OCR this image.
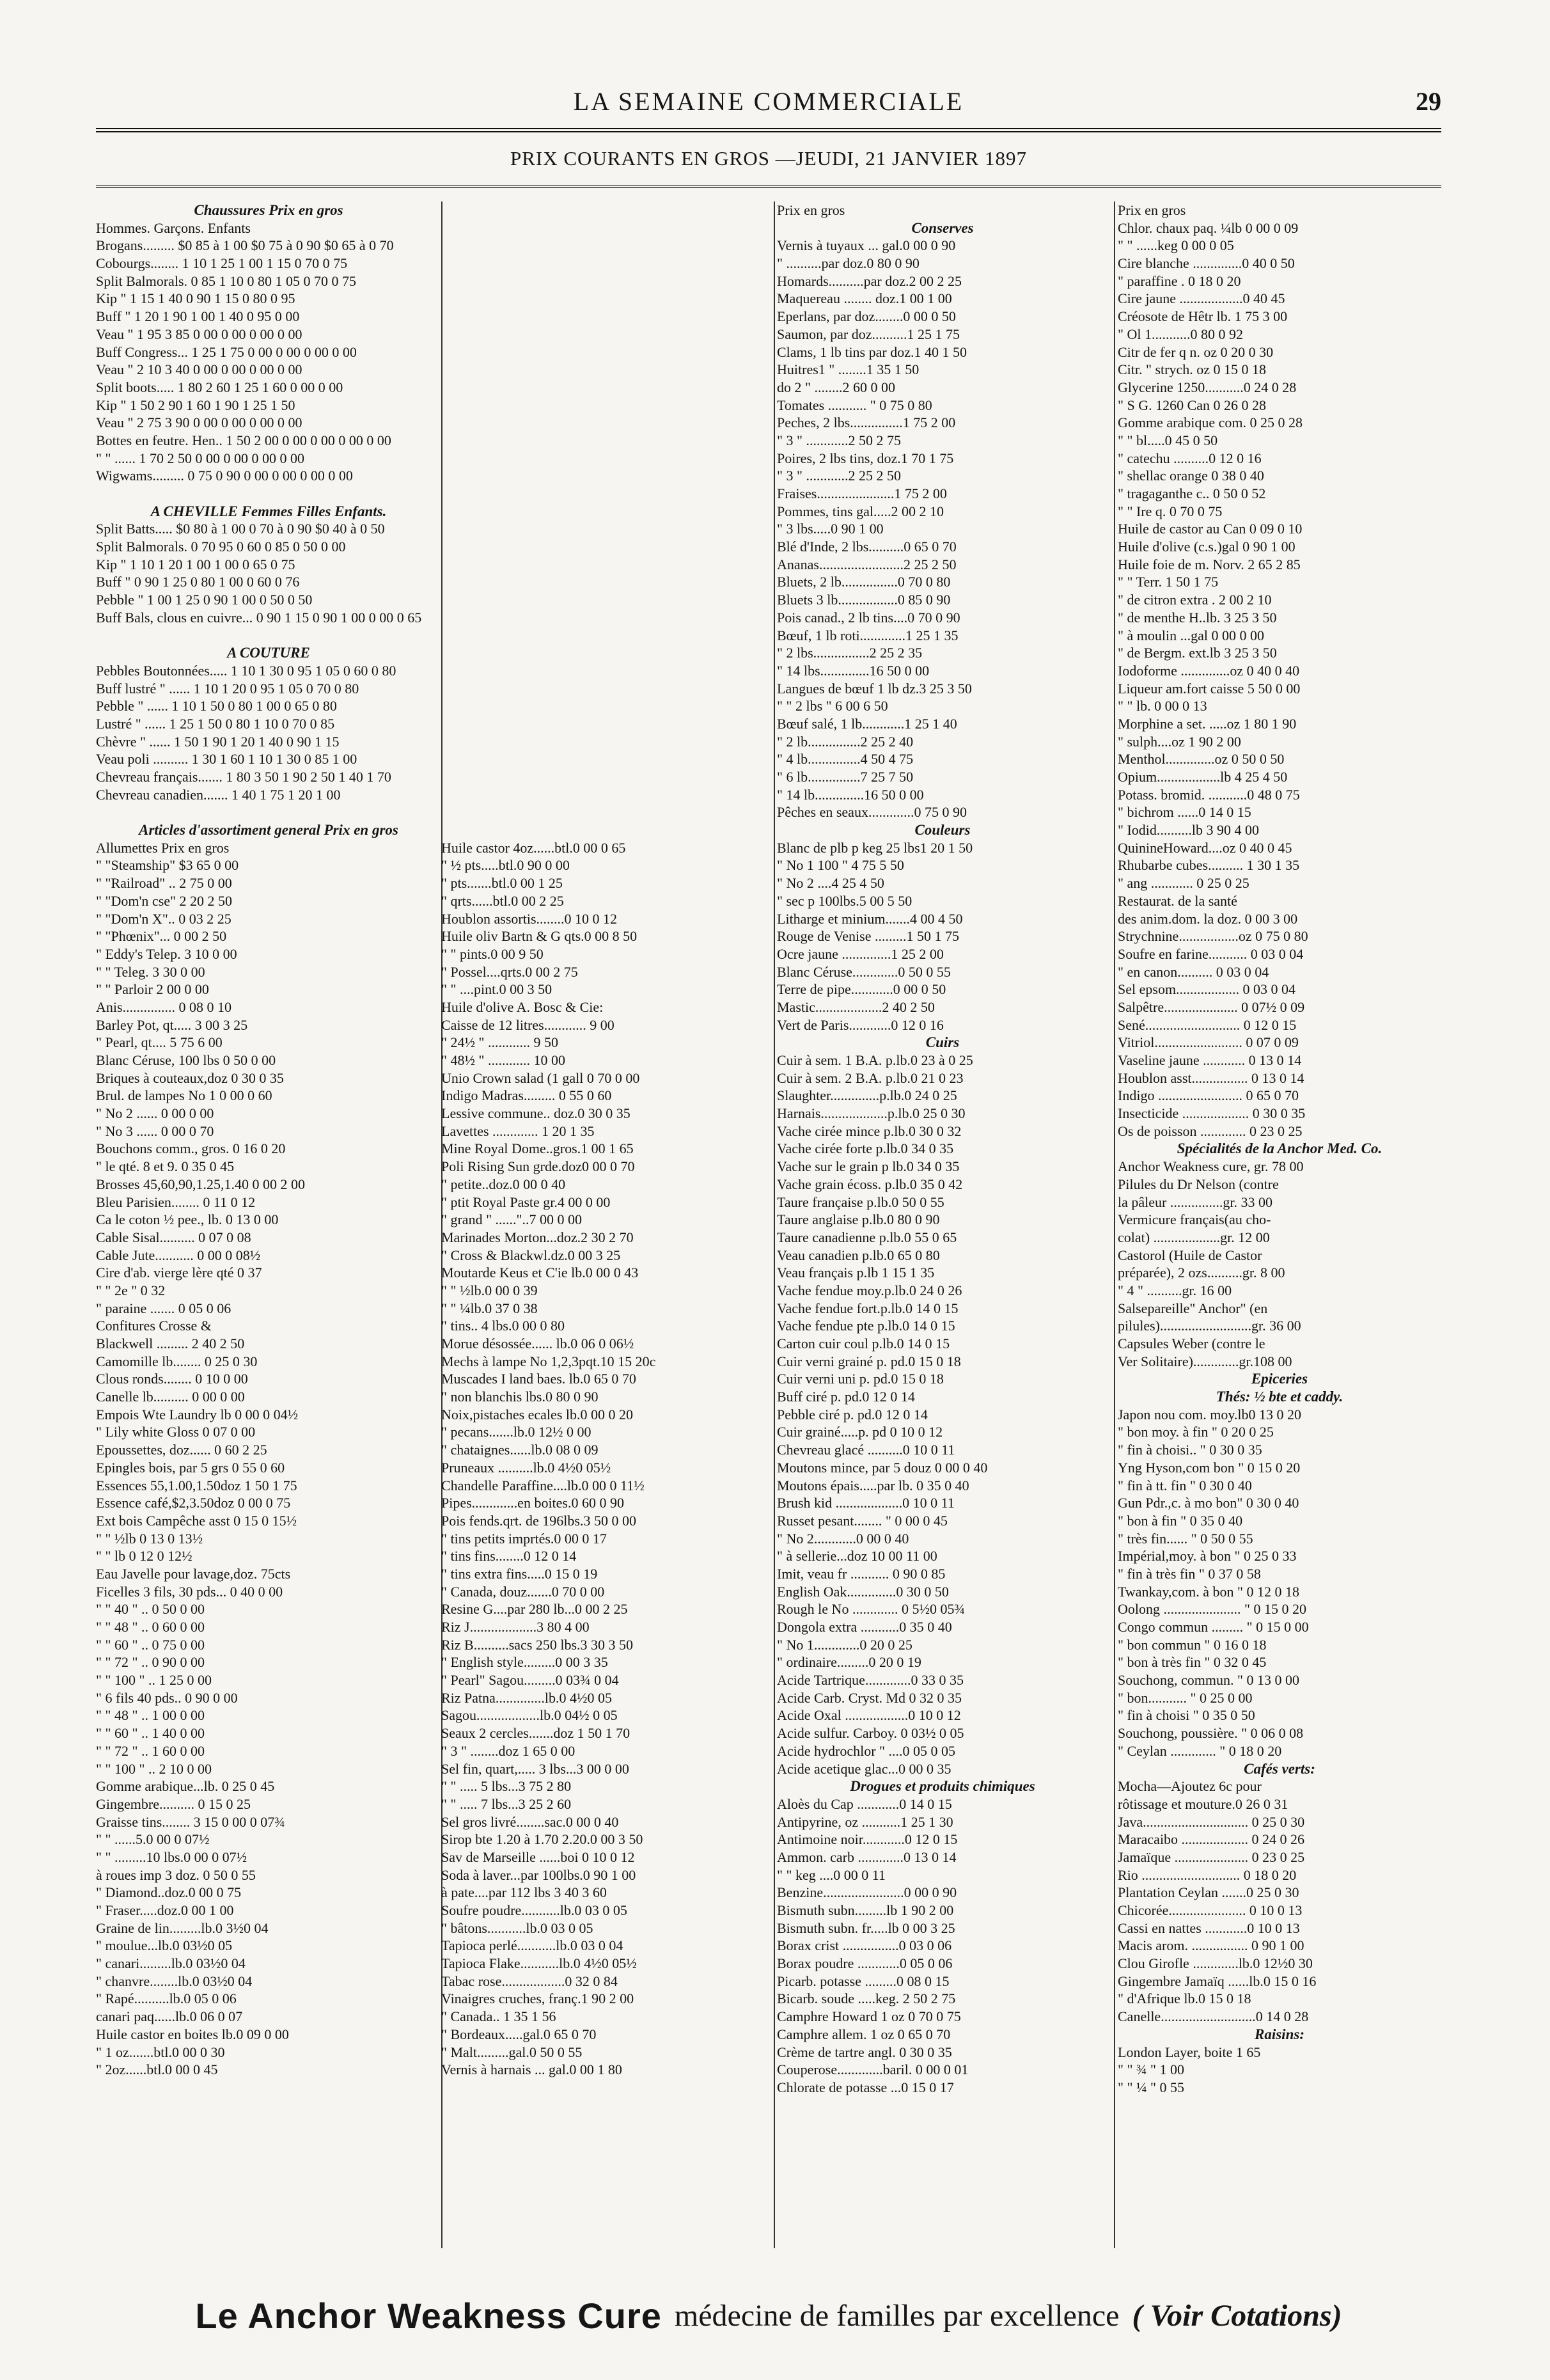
LA SEMAINE COMMERCIALE	29
PRIX COURANTS EN GROS —JEUDI, 21 JANVIER 1897
Chaussures Prix en gros
Hommes. Garçons. Enfants
Brogans......... $0 85 à 1 00 $0 75 à 0 90 $0 65 à 0 70
Cobourgs........ 1 10 1 25 1 00 1 15 0 70 0 75
Split Balmorals. 0 85 1 10 0 80 1 05 0 70 0 75
Kip " 1 15 1 40 0 90 1 15 0 80 0 95
Buff " 1 20 1 90 1 00 1 40 0 95 0 00
Veau " 1 95 3 85 0 00 0 00 0 00 0 00
Buff Congress... 1 25 1 75 0 00 0 00 0 00 0 00
Veau " 2 10 3 40 0 00 0 00 0 00 0 00
Split boots..... 1 80 2 60 1 25 1 60 0 00 0 00
Kip " 1 50 2 90 1 60 1 90 1 25 1 50
Veau " 2 75 3 90 0 00 0 00 0 00 0 00
Bottes en feutre. Hen.. 1 50 2 00 0 00 0 00 0 00 0 00
" " ...... 1 70 2 50 0 00 0 00 0 00 0 00
Wigwams......... 0 75 0 90 0 00 0 00 0 00 0 00
A CHEVILLE Femmes Filles Enfants.
Split Batts..... $0 80 à 1 00 0 70 à 0 90 $0 40 à 0 50
Split Balmorals. 0 70 95 0 60 0 85 0 50 0 00
Kip " 1 10 1 20 1 00 1 00 0 65 0 75
Buff " 0 90 1 25 0 80 1 00 0 60 0 76
Pebble " 1 00 1 25 0 90 1 00 0 50 0 50
Buff Bals, clous en cuivre... 0 90 1 15 0 90 1 00 0 00 0 65
A COUTURE
Pebbles Boutonnées..... 1 10 1 30 0 95 1 05 0 60 0 80
Buff lustré " ...... 1 10 1 20 0 95 1 05 0 70 0 80
Pebble " ...... 1 10 1 50 0 80 1 00 0 65 0 80
Lustré " ...... 1 25 1 50 0 80 1 10 0 70 0 85
Chèvre " ...... 1 50 1 90 1 20 1 40 0 90 1 15
Veau poli .......... 1 30 1 60 1 10 1 30 0 85 1 00
Chevreau français....... 1 80 3 50 1 90 2 50 1 40 1 70
Chevreau canadien....... 1 40 1 75 1 20 1 00
Articles d'assortiment general Prix en gros
Allumettes Prix en gros
" "Steamship" $3 65 0 00
" "Railroad" .. 2 75 0 00
" "Dom'n cse" 2 20 2 50
" "Dom'n X".. 0 03 2 25
" "Phœnix"... 0 00 2 50
" Eddy's Telep. 3 10 0 00
" " Teleg. 3 30 0 00
" " Parloir 2 00 0 00
Anis............... 0 08 0 10
Barley Pot, qt..... 3 00 3 25
" Pearl, qt.... 5 75 6 00
Blanc Céruse, 100 lbs 0 50 0 00
Briques à couteaux,doz 0 30 0 35
Brul. de lampes No 1 0 00 0 60
" No 2 ...... 0 00 0 00
" No 3 ...... 0 00 0 70
Bouchons comm., gros. 0 16 0 20
" le qté. 8 et 9. 0 35 0 45
Brosses 45,60,90,1.25,1.40 0 00 2 00
Bleu Parisien........ 0 11 0 12
Ca le coton ½ pee., lb. 0 13 0 00
Cable Sisal.......... 0 07 0 08
Cable Jute........... 0 00 0 08½
Cire d'ab. vierge lère qté 0 37
" " 2e " 0 32
" paraine ....... 0 05 0 06
Confitures Crosse &
Blackwell ......... 2 40 2 50
Camomille lb........ 0 25 0 30
Clous ronds........ 0 10 0 00
Canelle lb.......... 0 00 0 00
Empois Wte Laundry lb 0 00 0 04½
" Lily white Gloss 0 07 0 00
Epoussettes, doz...... 0 60 2 25
Epingles bois, par 5 grs 0 55 0 60
Essences 55,1.00,1.50doz 1 50 1 75
Essence café,$2,3.50doz 0 00 0 75
Ext bois Campêche asst 0 15 0 15½
" " ½lb 0 13 0 13½
" " lb 0 12 0 12½
Eau Javelle pour lavage,doz. 75cts
Ficelles 3 fils, 30 pds... 0 40 0 00
" " 40 " .. 0 50 0 00
" " 48 " .. 0 60 0 00
" " 60 " .. 0 75 0 00
" " 72 " .. 0 90 0 00
" " 100 " .. 1 25 0 00
" 6 fils 40 pds.. 0 90 0 00
" " 48 " .. 1 00 0 00
" " 60 " .. 1 40 0 00
" " 72 " .. 1 60 0 00
" " 100 " .. 2 10 0 00
Gomme arabique...lb. 0 25 0 45
Gingembre.......... 0 15 0 25
Graisse tins........ 3 15 0 00 0 07¾
" " ......5.0 00 0 07½
" " .........10 lbs.0 00 0 07½
à roues imp 3 doz. 0 50 0 55
" Diamond..doz.0 00 0 75
" Fraser.....doz.0 00 1 00
Graine de lin.........lb.0 3½0 04
" moulue...lb.0 03½0 05
" canari.........lb.0 03½0 04
" chanvre........lb.0 03½0 04
" Rapé..........lb.0 05 0 06
canari paq......lb.0 06 0 07
Huile castor en boites lb.0 09 0 00
" 1 oz.......btl.0 00 0 30
" 2oz......btl.0 00 0 45
Huile castor 4oz......btl.0 00 0 65
" ½ pts.....btl.0 90 0 00
" pts.......btl.0 00 1 25
" qrts......btl.0 00 2 25
Houblon assortis........0 10 0 12
Huile oliv Bartn & G qts.0 00 8 50
" " pints.0 00 9 50
" Possel....qrts.0 00 2 75
" " ....pint.0 00 3 50
Huile d'olive A. Bosc & Cie:
Caisse de 12 litres............ 9 00
" 24½ " ............ 9 50
" 48½ " ............ 10 00
Unio Crown salad (1 gall 0 70 0 00
Indigo Madras......... 0 55 0 60
Lessive commune.. doz.0 30 0 35
Lavettes ............. 1 20 1 35
Mine Royal Dome..gros.1 00 1 65
Poli Rising Sun grde.doz0 00 0 70
" petite..doz.0 00 0 40
" ptit Royal Paste gr.4 00 0 00
" grand " ......"..7 00 0 00
Marinades Morton...doz.2 30 2 70
" Cross & Blackwl.dz.0 00 3 25
Moutarde Keus et C'ie lb.0 00 0 43
" " ½lb.0 00 0 39
" " ¼lb.0 37 0 38
" tins.. 4 lbs.0 00 0 80
Morue désossée...... lb.0 06 0 06½
Mechs à lampe No 1,2,3pqt.10 15 20c
Muscades I land baes. lb.0 65 0 70
" non blanchis lbs.0 80 0 90
Noix,pistaches ecales lb.0 00 0 20
" pecans.......lb.0 12½ 0 00
" chataignes......lb.0 08 0 09
Pruneaux ..........lb.0 4½0 05½
Chandelle Paraffine....lb.0 00 0 11½
Pipes.............en boites.0 60 0 90
Pois fends.qrt. de 196lbs.3 50 0 00
" tins petits imprtés.0 00 0 17
" tins fins........0 12 0 14
" tins extra fins.....0 15 0 19
" Canada, douz.......0 70 0 00
Resine G....par 280 lb...0 00 2 25
Riz J...................3 80 4 00
Riz B..........sacs 250 lbs.3 30 3 50
" English style.........0 00 3 35
" Pearl" Sagou.........0 03¾ 0 04
Riz Patna..............lb.0 4½0 05
Sagou..................lb.0 04½ 0 05
Seaux 2 cercles.......doz 1 50 1 70
" 3 " ........doz 1 65 0 00
Sel fin, quart,..... 3 lbs...3 00 0 00
" " ..... 5 lbs...3 75 2 80
" " ..... 7 lbs...3 25 2 60
Sel gros livré........sac.0 00 0 40
Sirop bte 1.20 à 1.70 2.20.0 00 3 50
Sav de Marseille ......boi 0 10 0 12
Soda à laver...par 100lbs.0 90 1 00
à pate....par 112 lbs 3 40 3 60
Soufre poudre...........lb.0 03 0 05
" bâtons...........lb.0 03 0 05
Tapioca perlé...........lb.0 03 0 04
Tapioca Flake...........lb.0 4½0 05½
Tabac rose..................0 32 0 84
Vinaigres cruches, franç.1 90 2 00
" Canada.. 1 35 1 56
" Bordeaux.....gal.0 65 0 70
" Malt.........gal.0 50 0 55
Vernis à harnais ... gal.0 00 1 80
Prix en gros
Conserves
Vernis à tuyaux ... gal.0 00 0 90
" ..........par doz.0 80 0 90
Homards..........par doz.2 00 2 25
Maquereau ........ doz.1 00 1 00
Eperlans, par doz........0 00 0 50
Saumon, par doz..........1 25 1 75
Clams, 1 lb tins par doz.1 40 1 50
Huitres1 " ........1 35 1 50
do 2 " ........2 60 0 00
Tomates ........... " 0 75 0 80
Peches, 2 lbs...............1 75 2 00
" 3 " ............2 50 2 75
Poires, 2 lbs tins, doz.1 70 1 75
" 3 " ............2 25 2 50
Fraises......................1 75 2 00
Pommes, tins gal.....2 00 2 10
" 3 lbs.....0 90 1 00
Blé d'Inde, 2 lbs..........0 65 0 70
Ananas........................2 25 2 50
Bluets, 2 lb................0 70 0 80
Bluets 3 lb.................0 85 0 90
Pois canad., 2 lb tins....0 70 0 90
Bœuf, 1 lb roti.............1 25 1 35
" 2 lbs................2 25 2 35
" 14 lbs..............16 50 0 00
Langues de bœuf 1 lb dz.3 25 3 50
" " 2 lbs " 6 00 6 50
Bœuf salé, 1 lb............1 25 1 40
" 2 lb...............2 25 2 40
" 4 lb...............4 50 4 75
" 6 lb...............7 25 7 50
" 14 lb..............16 50 0 00
Pêches en seaux.............0 75 0 90
Couleurs
Blanc de plb p keg 25 lbs1 20 1 50
" No 1 100 " 4 75 5 50
" No 2 ....4 25 4 50
" sec p 100lbs.5 00 5 50
Litharge et minium.......4 00 4 50
Rouge de Venise .........1 50 1 75
Ocre jaune ..............1 25 2 00
Blanc Céruse.............0 50 0 55
Terre de pipe............0 00 0 50
Mastic...................2 40 2 50
Vert de Paris............0 12 0 16
Cuirs
Cuir à sem. 1 B.A. p.lb.0 23 à 0 25
Cuir à sem. 2 B.A. p.lb.0 21 0 23
Slaughter..............p.lb.0 24 0 25
Harnais...................p.lb.0 25 0 30
Vache cirée mince p.lb.0 30 0 32
Vache cirée forte p.lb.0 34 0 35
Vache sur le grain p lb.0 34 0 35
Vache grain écoss. p.lb.0 35 0 42
Taure française p.lb.0 50 0 55
Taure anglaise p.lb.0 80 0 90
Taure canadienne p.lb.0 55 0 65
Veau canadien p.lb.0 65 0 80
Veau français p.lb 1 15 1 35
Vache fendue moy.p.lb.0 24 0 26
Vache fendue fort.p.lb.0 14 0 15
Vache fendue pte p.lb.0 14 0 15
Carton cuir coul p.lb.0 14 0 15
Cuir verni grainé p. pd.0 15 0 18
Cuir verni uni p. pd.0 15 0 18
Buff ciré p. pd.0 12 0 14
Pebble ciré p. pd.0 12 0 14
Cuir grainé.....p. pd 0 10 0 12
Chevreau glacé ..........0 10 0 11
Moutons mince, par 5 douz 0 00 0 40
Moutons épais.....par lb. 0 35 0 40
Brush kid ...................0 10 0 11
Russet pesant........ " 0 00 0 45
" No 2............0 00 0 40
" à sellerie...doz 10 00 11 00
Imit, veau fr ........... 0 90 0 85
English Oak..............0 30 0 50
Rough le No ............. 0 5½0 05¾
Dongola extra ...........0 35 0 40
" No 1.............0 20 0 25
" ordinaire.........0 20 0 19
Acide Tartrique.............0 33 0 35
Acide Carb. Cryst. Md 0 32 0 35
Acide Oxal ..................0 10 0 12
Acide sulfur. Carboy. 0 03½ 0 05
Acide hydrochlor " ....0 05 0 05
Acide acetique glac...0 00 0 35
Drogues et produits chimiques
Aloès du Cap ............0 14 0 15
Antipyrine, oz ...........1 25 1 30
Antimoine noir............0 12 0 15
Ammon. carb .............0 13 0 14
" " keg ....0 00 0 11
Benzine.......................0 00 0 90
Bismuth subn.........lb 1 90 2 00
Bismuth subn. fr.....lb 0 00 3 25
Borax crist ................0 03 0 06
Borax poudre ............0 05 0 06
Picarb. potasse .........0 08 0 15
Bicarb. soude .....keg. 2 50 2 75
Camphre Howard 1 oz 0 70 0 75
Camphre allem. 1 oz 0 65 0 70
Crème de tartre angl. 0 30 0 35
Couperose.............baril. 0 00 0 01
Chlorate de potasse ...0 15 0 17
Prix en gros
Chlor. chaux paq. ¼lb 0 00 0 09
" " ......keg 0 00 0 05
Cire blanche ..............0 40 0 50
" paraffine . 0 18 0 20
Cire jaune ..................0 40 45
Créosote de Hêtr lb. 1 75 3 00
" Ol 1...........0 80 0 92
Citr de fer q n. oz 0 20 0 30
Citr. " strych. oz 0 15 0 18
Glycerine 1250...........0 24 0 28
" S G. 1260 Can 0 26 0 28
Gomme arabique com. 0 25 0 28
" " bl.....0 45 0 50
" catechu ..........0 12 0 16
" shellac orange 0 38 0 40
" tragaganthe c.. 0 50 0 52
" " Ire q. 0 70 0 75
Huile de castor au Can 0 09 0 10
Huile d'olive (c.s.)gal 0 90 1 00
Huile foie de m. Norv. 2 65 2 85
" " Terr. 1 50 1 75
" de citron extra . 2 00 2 10
" de menthe H..lb. 3 25 3 50
" à moulin ...gal 0 00 0 00
" de Bergm. ext.lb 3 25 3 50
Iodoforme ..............oz 0 40 0 40
Liqueur am.fort caisse 5 50 0 00
" " lb. 0 00 0 13
Morphine a set. .....oz 1 80 1 90
" sulph....oz 1 90 2 00
Menthol..............oz 0 50 0 50
Opium..................lb 4 25 4 50
Potass. bromid. ...........0 48 0 75
" bichrom ......0 14 0 15
" Iodid..........lb 3 90 4 00
QuinineHoward....oz 0 40 0 45
Rhubarbe cubes.......... 1 30 1 35
" ang ............ 0 25 0 25
Restaurat. de la santé
des anim.dom. la doz. 0 00 3 00
Strychnine.................oz 0 75 0 80
Soufre en farine........... 0 03 0 04
" en canon.......... 0 03 0 04
Sel epsom.................. 0 03 0 04
Salpêtre..................... 0 07½ 0 09
Sené........................... 0 12 0 15
Vitriol......................... 0 07 0 09
Vaseline jaune ............ 0 13 0 14
Houblon asst................ 0 13 0 14
Indigo ........................ 0 65 0 70
Insecticide ................... 0 30 0 35
Os de poisson ............. 0 23 0 25
Spécialités de la Anchor Med. Co.
Anchor Weakness cure, gr. 78 00
Pilules du Dr Nelson (contre
la pâleur ...............gr. 33 00
Vermicure français(au cho-
colat) ...................gr. 12 00
Castorol (Huile de Castor
préparée), 2 ozs..........gr. 8 00
" 4 " ..........gr. 16 00
Salsepareille" Anchor" (en
pilules)..........................gr. 36 00
Capsules Weber (contre le
Ver Solitaire).............gr.108 00
Epiceries
Thés: ½ bte et caddy.
Japon nou com. moy.lb0 13 0 20
" bon moy. à fin " 0 20 0 25
" fin à choisi.. " 0 30 0 35
Yng Hyson,com bon " 0 15 0 20
" fin à tt. fin " 0 30 0 40
Gun Pdr.,c. à mo bon" 0 30 0 40
" bon à fin " 0 35 0 40
" très fin...... " 0 50 0 55
Impérial,moy. à bon " 0 25 0 33
" fin à très fin " 0 37 0 58
Twankay,com. à bon " 0 12 0 18
Oolong ...................... " 0 15 0 20
Congo commun ......... " 0 15 0 00
" bon commun " 0 16 0 18
" bon à très fin " 0 32 0 45
Souchong, commun. " 0 13 0 00
" bon........... " 0 25 0 00
" fin à choisi " 0 35 0 50
Souchong, poussière. " 0 06 0 08
" Ceylan ............. " 0 18 0 20
Cafés verts:
Mocha—Ajoutez 6c pour
rôtissage et mouture.0 26 0 31
Java.............................. 0 25 0 30
Maracaibo ................... 0 24 0 26
Jamaïque ..................... 0 23 0 25
Rio ............................ 0 18 0 20
Plantation Ceylan .......0 25 0 30
Chicorée...................... 0 10 0 13
Cassi en nattes ............0 10 0 13
Macis arom. ................ 0 90 1 00
Clou Girofle .............lb.0 12½0 30
Gingembre Jamaïq ......lb.0 15 0 16
" d'Afrique lb.0 15 0 18
Canelle...........................0 14 0 28
Raisins:
London Layer, boite 1 65
" " ¾ " 1 00
" " ¼ " 0 55
Le Anchor Weakness Cure médecine de familles par excellence ( Voir Cotations)
